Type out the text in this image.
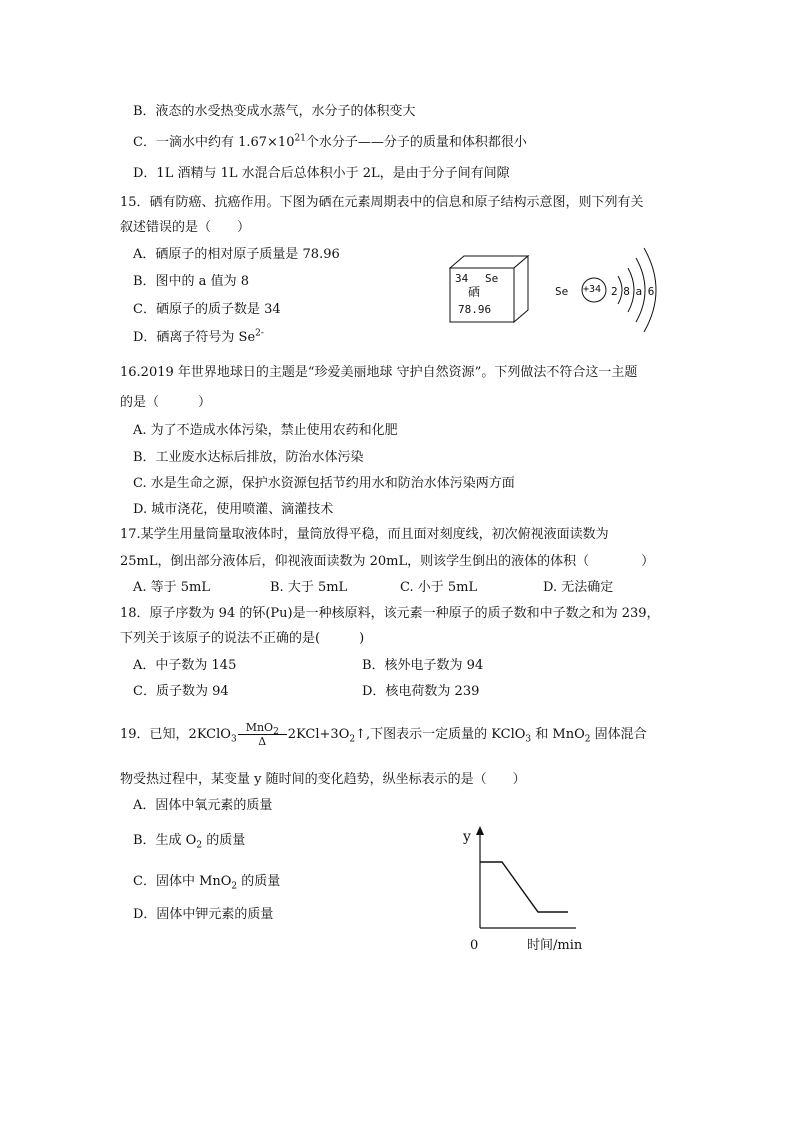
B．液态的水受热变成水蒸气，水分子的体积变大
C．一滴水中约有 $1.67\times 10^{21}$个水分子——分子的质量和体积都很小
D．1L 酒精与 1L 水混合后总体积小于 2L，是由于分子间有间隙
15．硒有防癌、抗癌作用。下图为硒在元素周期表中的信息和原子结构示意图，则下列有关
叙述错误的是（　　）
A．硒原子的相对原子质量是 78.96
B．图中的 a 值为 8
C．硒原子的质子数是 34
D．硒离子符号为 $Se^{2-}$
34 Se
硒
78.96
Se +34 2 8 a 6
16.2019 年世界地球日的主题是“珍爱美丽地球 守护自然资源”。下列做法不符合这一主题
的是（　　　）
A. 为了不造成水体污染，禁止使用农药和化肥
B．工业废水达标后排放，防治水体污染
C. 水是生命之源，保护水资源包括节约用水和防治水体污染两方面
D. 城市浇花，使用喷灌、滴灌技术
17.某学生用量筒量取液体时，量筒放得平稳，而且面对刻度线，初次俯视液面读数为
25mL，倒出部分液体后，仰视液面读数为 20mL，则该学生倒出的液体的体积（　　　　）
A. 等于 5mL	B. 大于 5mL	C. 小于 5mL	D. 无法确定
18．原子序数为 94 的钚(Pu)是一种核原料，该元素一种原子的质子数和中子数之和为 239，
下列关于该原子的说法不正确的是(　　　)
A．中子数为 145	B．核外电子数为 94
C．质子数为 94	D．核电荷数为 239
19．已知，2KClO$_3$ $\frac{MnO_2}{\Delta}$ $2KCl+3O_2↑$,下图表示一定质量的 KClO$_3$ 和 MnO$_2$ 固体混合
物受热过程中，某变量 y 随时间的变化趋势，纵坐标表示的是（　　）
A．固体中氧元素的质量
B．生成 $O_2$ 的质量
C．固体中 MnO$_2$ 的质量
D．固体中钾元素的质量
y
0	时间/min
